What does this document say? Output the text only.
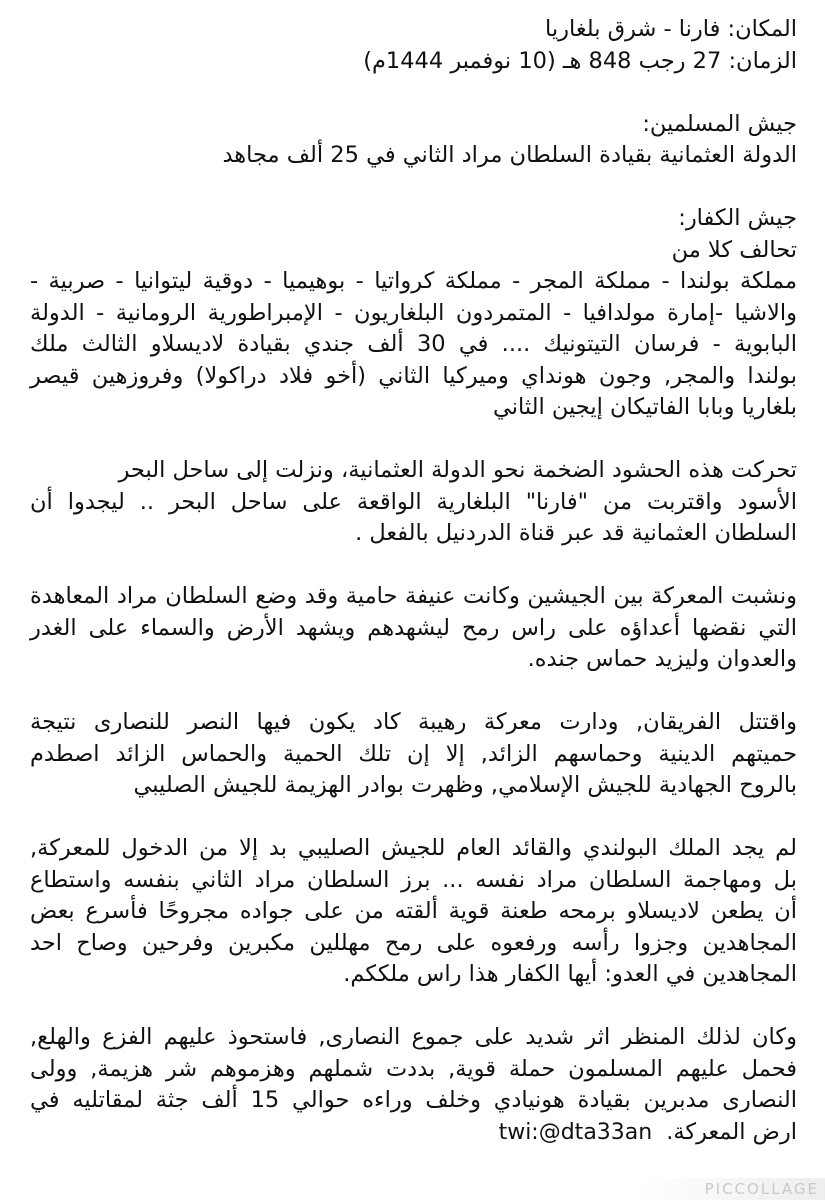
المكان: فارنا - شرق بلغاريا
الزمان: 27 رجب 848 هـ (10 نوفمبر 1444م)
جيش المسلمين:
الدولة العثمانية بقيادة السلطان مراد الثاني في 25 ألف مجاهد
جيش الكفار:
تحالف كلا من
مملكة بولندا - مملكة المجر - مملكة كرواتيا - بوهيميا - دوقية ليتوانيا - صربية -
والاشيا -إمارة مولدافيا - المتمردون البلغاريون - الإمبراطورية الرومانية - الدولة
البابوية - فرسان التيتونيك .... في 30 ألف جندي بقيادة لاديسلاو الثالث ملك
بولندا والمجر, وجون هونداي وميركيا الثاني (أخو فلاد دراكولا) وفروزهين قيصر
بلغاريا وبابا الفاتيكان إيجين الثاني
تحركت هذه الحشود الضخمة نحو الدولة العثمانية، ونزلت إلى ساحل البحر
الأسود واقتربت من "فارنا" البلغارية الواقعة على ساحل البحر .. ليجدوا أن
السلطان العثمانية قد عبر قناة الدردنيل بالفعل .
ونشبت المعركة بين الجيشين وكانت عنيفة حامية وقد وضع السلطان مراد المعاهدة
التي نقضها أعداؤه على راس رمح ليشهدهم ويشهد الأرض والسماء على الغدر
والعدوان وليزيد حماس جنده.
واقتتل الفريقان, ودارت معركة رهيبة كاد يكون فيها النصر للنصارى نتيجة
حميتهم الدينية وحماسهم الزائد, إلا إن تلك الحمية والحماس الزائد اصطدم
بالروح الجهادية للجيش الإسلامي, وظهرت بوادر الهزيمة للجيش الصليبي
لم يجد الملك البولندي والقائد العام للجيش الصليبي بد إلا من الدخول للمعركة,
بل ومهاجمة السلطان مراد نفسه ... برز السلطان مراد الثاني بنفسه واستطاع
أن يطعن لاديسلاو برمحه طعنة قوية ألقته من على جواده مجروحًا فأسرع بعض
المجاهدين وجزوا رأسه ورفعوه على رمح مهللين مكبرين وفرحين وصاح احد
المجاهدين في العدو: أيها الكفار هذا راس ملككم.
وكان لذلك المنظر اثر شديد على جموع النصارى, فاستحوذ عليهم الفزع والهلع,
فحمل عليهم المسلمون حملة قوية, بددت شملهم وهزموهم شر هزيمة, وولى
النصارى مدبرين بقيادة هونيادي وخلف وراءه حوالي 15 ألف جثة لمقاتليه في
ارض المعركة.
twi:@dta33an
PICCOLLAGE
